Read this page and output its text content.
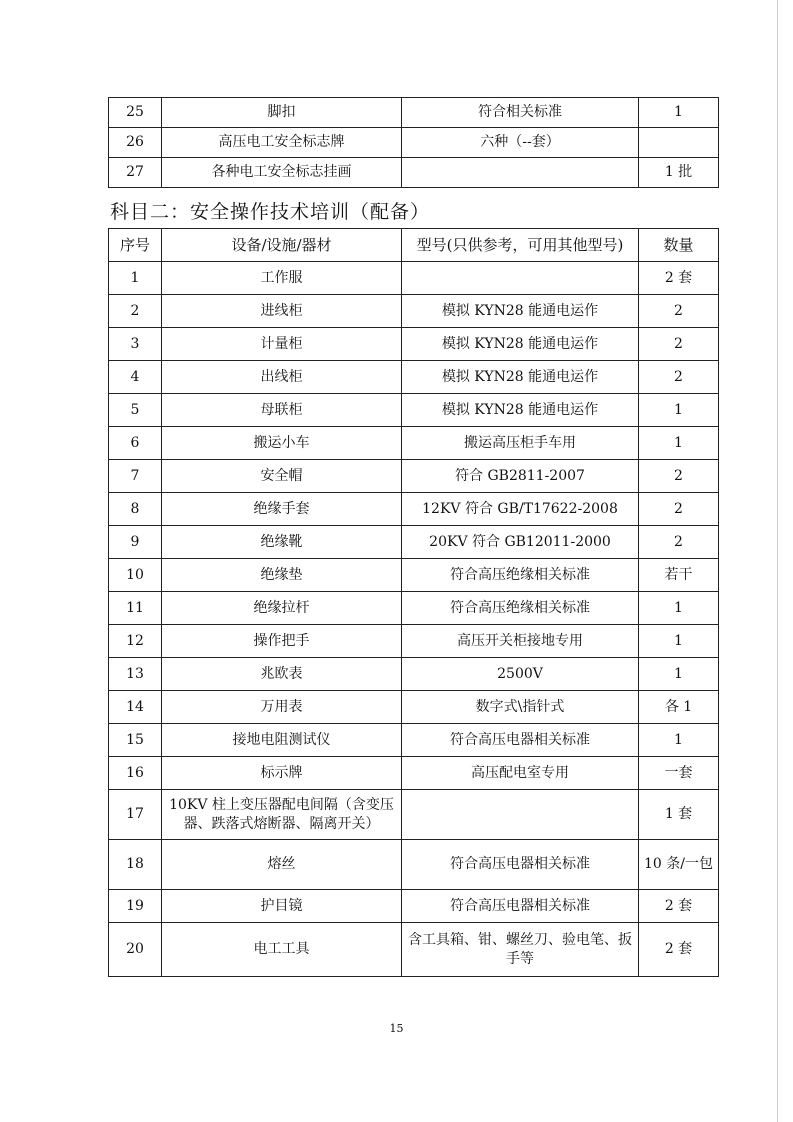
25	脚扣	符合相关标准	1
26	高压电工安全标志牌	六种（--套）	
27	各种电工安全标志挂画		1 批
科目二：安全操作技术培训（配备）
序号	设备/设施/器材	型号(只供参考，可用其他型号)	数量
1	工作服		2 套
2	进线柜	模拟 KYN28 能通电运作	2
3	计量柜	模拟 KYN28 能通电运作	2
4	出线柜	模拟 KYN28 能通电运作	2
5	母联柜	模拟 KYN28 能通电运作	1
6	搬运小车	搬运高压柜手车用	1
7	安全帽	符合 GB2811-2007	2
8	绝缘手套	12KV 符合 GB/T17622-2008	2
9	绝缘靴	20KV 符合 GB12011-2000	2
10	绝缘垫	符合高压绝缘相关标准	若干
11	绝缘拉杆	符合高压绝缘相关标准	1
12	操作把手	高压开关柜接地专用	1
13	兆欧表	2500V	1
14	万用表	数字式\指针式	各 1
15	接地电阻测试仪	符合高压电器相关标准	1
16	标示牌	高压配电室专用	一套
17	10KV 柱上变压器配电间隔（含变压器、跌落式熔断器、隔离开关）		1 套
18	熔丝	符合高压电器相关标准	10 条/一包
19	护目镜	符合高压电器相关标准	2 套
20	电工工具	含工具箱、钳、螺丝刀、验电笔、扳手等	2 套
15
